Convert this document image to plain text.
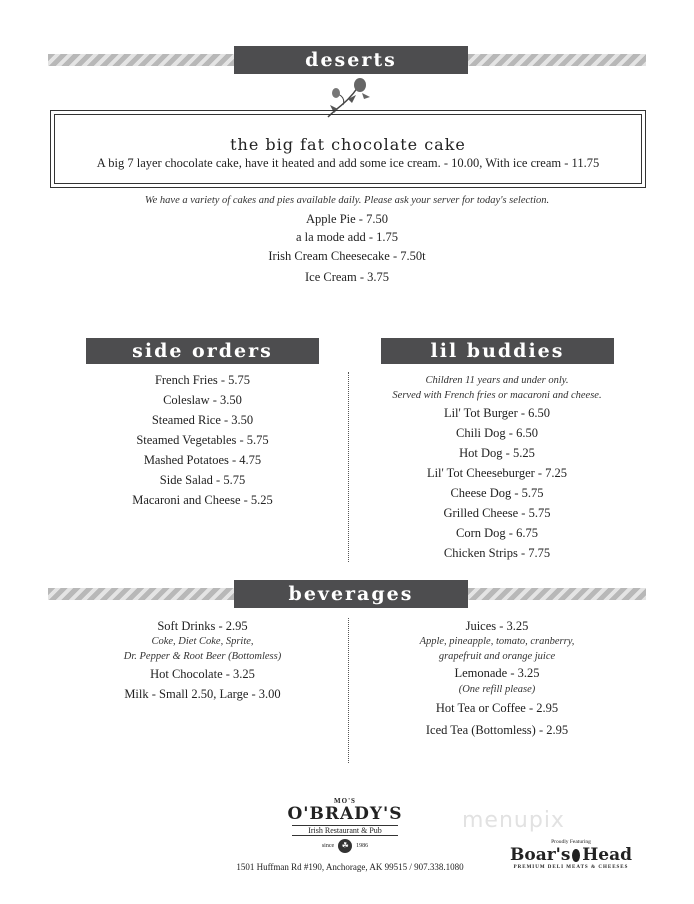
deserts
the big fat chocolate cake
A big 7 layer chocolate cake, have it heated and add some ice cream. - 10.00, With ice cream - 11.75
We have a variety of cakes and pies available daily. Please ask your server for today's selection.
Apple Pie - 7.50
a la mode add - 1.75
Irish Cream Cheesecake - 7.50t
Ice Cream - 3.75
side orders
French Fries - 5.75
Coleslaw - 3.50
Steamed Rice - 3.50
Steamed Vegetables - 5.75
Mashed Potatoes - 4.75
Side Salad - 5.75
Macaroni and Cheese - 5.25
lil buddies
Children 11 years and under only.
Served with French fries or macaroni and cheese.
Lil' Tot Burger - 6.50
Chili Dog - 6.50
Hot Dog - 5.25
Lil' Tot Cheeseburger - 7.25
Cheese Dog - 5.75
Grilled Cheese - 5.75
Corn Dog - 6.75
Chicken Strips - 7.75
beverages
Soft Drinks - 2.95
Coke, Diet Coke, Sprite,
Dr. Pepper & Root Beer (Bottomless)
Hot Chocolate - 3.25
Milk - Small 2.50, Large - 3.00
Juices - 3.25
Apple, pineapple, tomato, cranberry,
grapefruit and orange juice
Lemonade - 3.25
(One refill please)
Hot Tea or Coffee - 2.95
Iced Tea (Bottomless) - 2.95
MO'S
O'BRADY'S
Irish Restaurant & Pub
since ☘	1986
1501 Huffman Rd #190, Anchorage, AK 99515 / 907.338.1080
menupix
Proudly Featuring
Boar's Head
PREMIUM DELI MEATS & CHEESES
